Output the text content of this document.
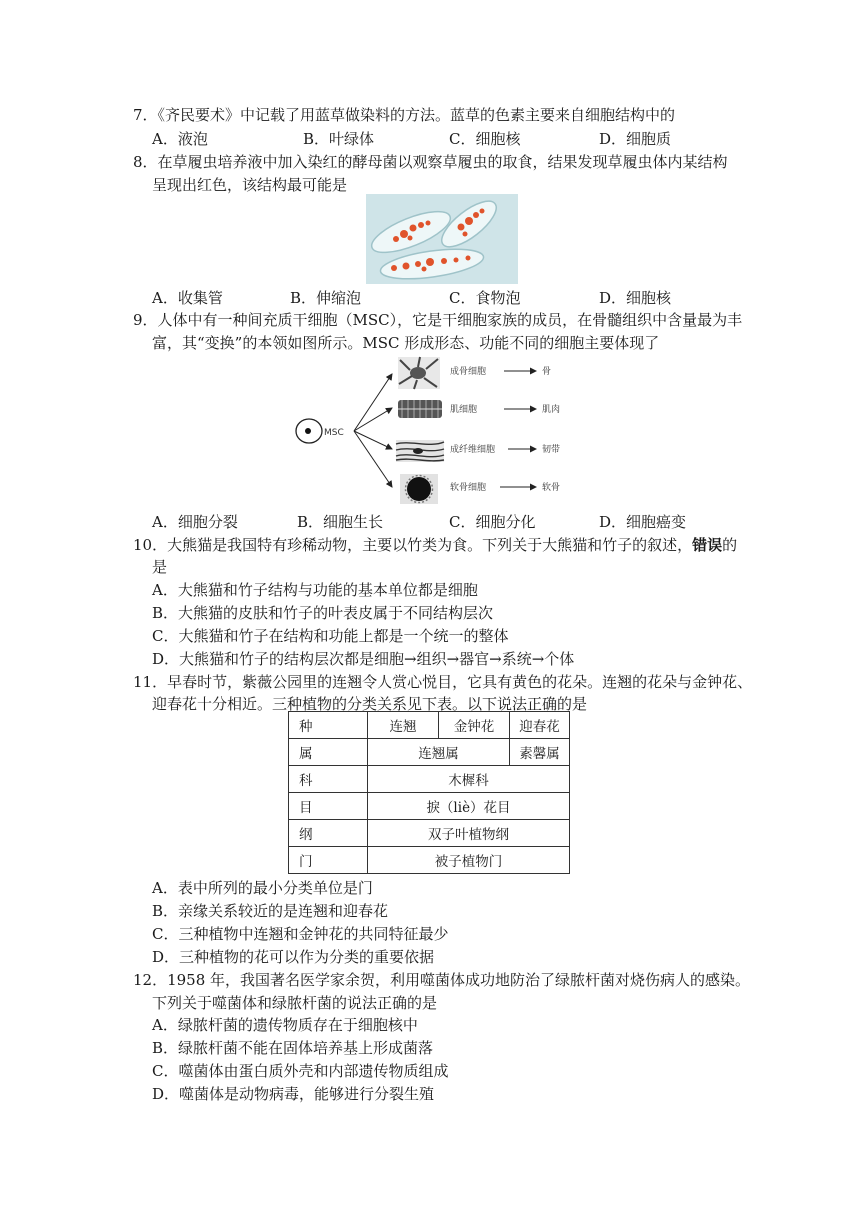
7．《齐民要术》中记载了用蓝草做染料的方法。蓝草的色素主要来自细胞结构中的
A．液泡	B．叶绿体	C．细胞核	D．细胞质
8．在草履虫培养液中加入染红的酵母菌以观察草履虫的取食，结果发现草履虫体内某结构
呈现出红色，该结构最可能是
A．收集管	B．伸缩泡	C．食物泡	D．细胞核
9．人体中有一种间充质干细胞（MSC），它是干细胞家族的成员，在骨髓组织中含量最为丰
富，其“变换”的本领如图所示。MSC 形成形态、功能不同的细胞主要体现了
MSC
成骨细胞	骨
肌细胞	肌肉
成纤维细胞	韧带
软骨细胞	软骨
A．细胞分裂	B．细胞生长	C．细胞分化	D．细胞癌变
10．大熊猫是我国特有珍稀动物，主要以竹类为食。下列关于大熊猫和竹子的叙述，错误的
是
A．大熊猫和竹子结构与功能的基本单位都是细胞
B．大熊猫的皮肤和竹子的叶表皮属于不同结构层次
C．大熊猫和竹子在结构和功能上都是一个统一的整体
D．大熊猫和竹子的结构层次都是细胞→组织→器官→系统→个体
11．早春时节，紫薇公园里的连翘令人赏心悦目，它具有黄色的花朵。连翘的花朵与金钟花、
迎春花十分相近。三种植物的分类关系见下表。以下说法正确的是
种	连翘	金钟花	迎春花
属	连翘属		素馨属
科	木樨科		
目	捩（liè）花目		
纲	双子叶植物纲		
门	被子植物门		
A．表中所列的最小分类单位是门
B．亲缘关系较近的是连翘和迎春花
C．三种植物中连翘和金钟花的共同特征最少
D．三种植物的花可以作为分类的重要依据
12．1958 年，我国著名医学家余贺，利用噬菌体成功地防治了绿脓杆菌对烧伤病人的感染。
下列关于噬菌体和绿脓杆菌的说法正确的是
A．绿脓杆菌的遗传物质存在于细胞核中
B．绿脓杆菌不能在固体培养基上形成菌落
C．噬菌体由蛋白质外壳和内部遗传物质组成
D．噬菌体是动物病毒，能够进行分裂生殖
